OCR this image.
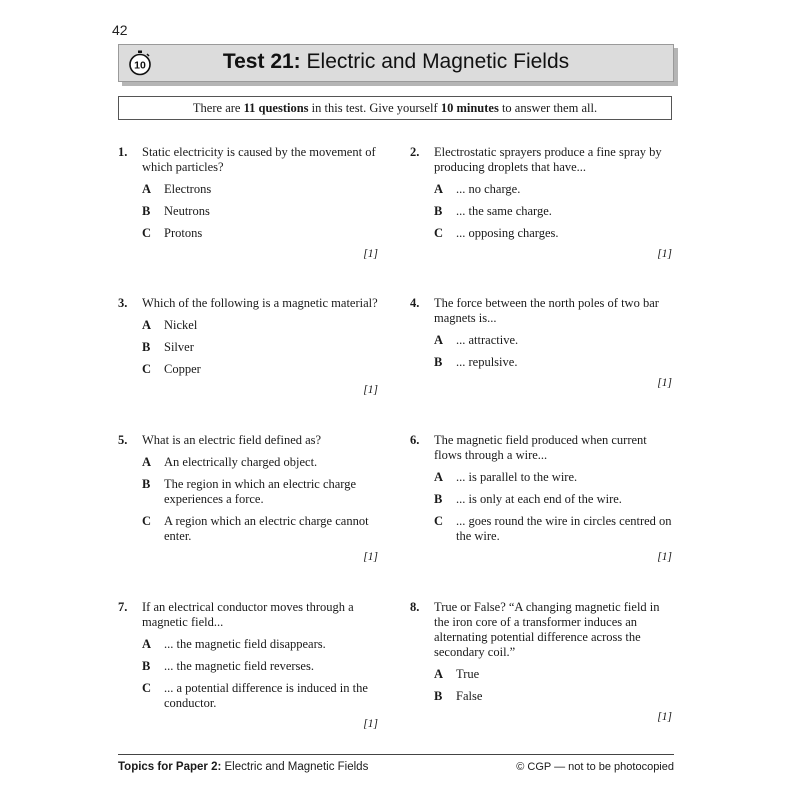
42
10	Test 21: Electric and Magnetic Fields
There are 11 questions in this test. Give yourself 10 minutes to answer them all.
1.	Static electricity is caused by the movement of which particles?
A	Electrons
B	Neutrons
C	Protons
[1]
2.	Electrostatic sprayers produce a fine spray by producing droplets that have...
A	... no charge.
B	... the same charge.
C	... opposing charges.
[1]
3.	Which of the following is a magnetic material?
A	Nickel
B	Silver
C	Copper
[1]
4.	The force between the north poles of two bar magnets is...
A	... attractive.
B	... repulsive.
[1]
5.	What is an electric field defined as?
A	An electrically charged object.
B	The region in which an electric charge experiences a force.
C	A region which an electric charge cannot enter.
[1]
6.	The magnetic field produced when current flows through a wire...
A	... is parallel to the wire.
B	... is only at each end of the wire.
C	... goes round the wire in circles centred on the wire.
[1]
7.	If an electrical conductor moves through a magnetic field...
A	... the magnetic field disappears.
B	... the magnetic field reverses.
C	... a potential difference is induced in the conductor.
[1]
8.	True or False? “A changing magnetic field in the iron core of a transformer induces an alternating potential difference across the secondary coil.”
A	True
B	False
[1]
Topics for Paper 2: Electric and Magnetic Fields	© CGP — not to be photocopied
